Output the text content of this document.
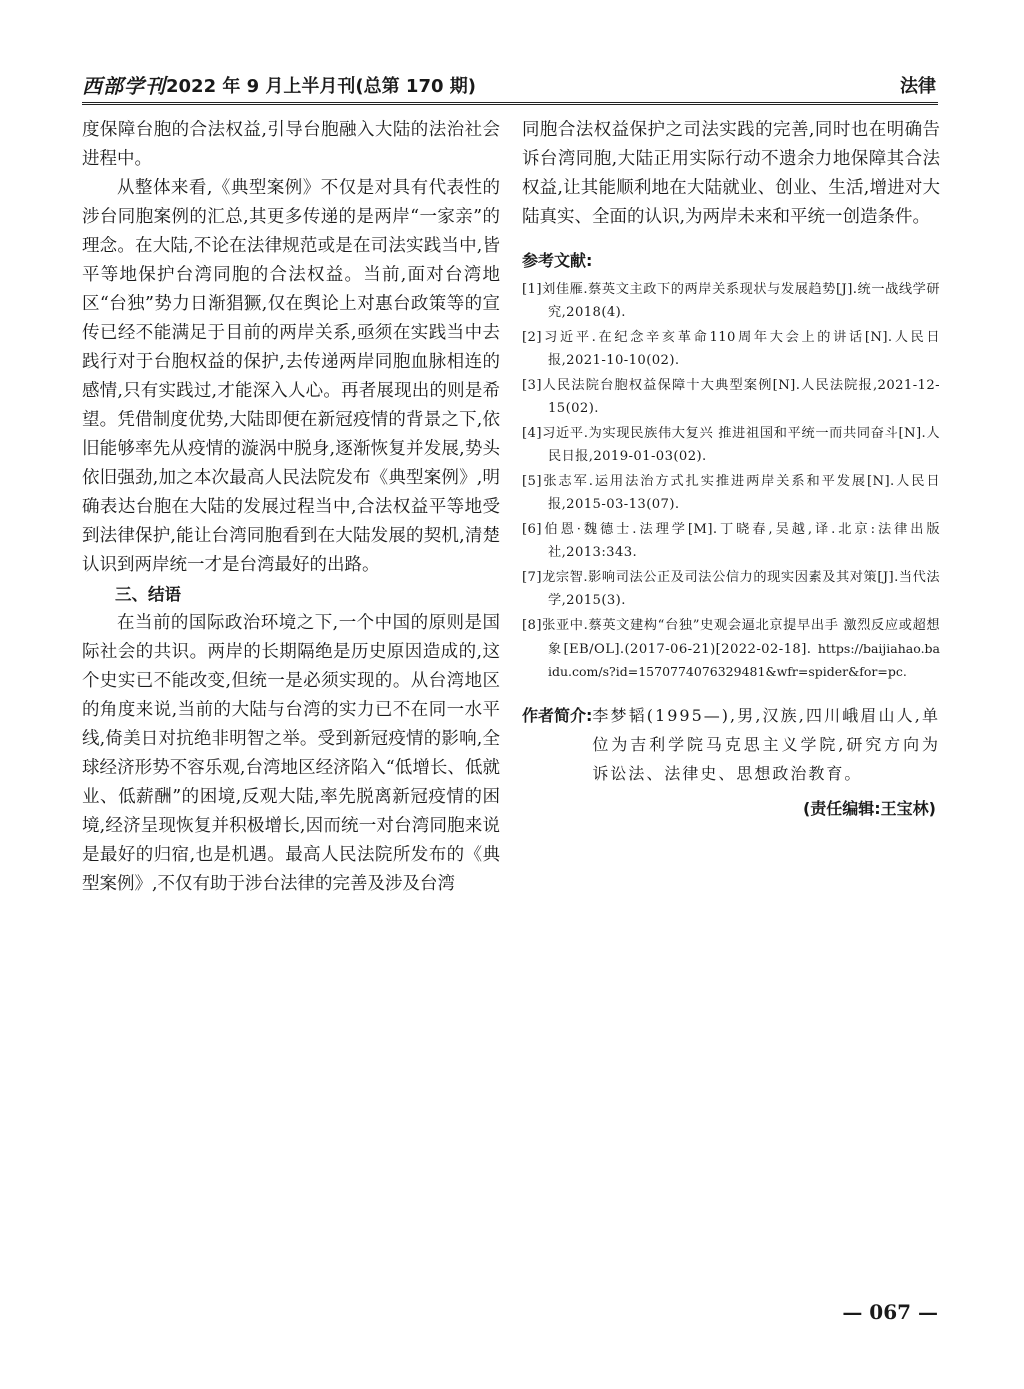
西部学刊 2022 年 9 月上半月刊(总第 170 期)	法律

度保障台胞的合法权益,引导台胞融入大陆的法治社会进程中。

从整体来看,《典型案例》不仅是对具有代表性的涉台同胞案例的汇总,其更多传递的是两岸“一家亲”的理念。在大陆,不论在法律规范或是在司法实践当中,皆平等地保护台湾同胞的合法权益。当前,面对台湾地区“台独”势力日渐猖獗,仅在舆论上对惠台政策等的宣传已经不能满足于目前的两岸关系,亟须在实践当中去践行对于台胞权益的保护,去传递两岸同胞血脉相连的感情,只有实践过,才能深入人心。再者展现出的则是希望。凭借制度优势,大陆即便在新冠疫情的背景之下,依旧能够率先从疫情的漩涡中脱身,逐渐恢复并发展,势头依旧强劲,加之本次最高人民法院发布《典型案例》,明确表达台胞在大陆的发展过程当中,合法权益平等地受到法律保护,能让台湾同胞看到在大陆发展的契机,清楚认识到两岸统一才是台湾最好的出路。

三、结语

在当前的国际政治环境之下,一个中国的原则是国际社会的共识。两岸的长期隔绝是历史原因造成的,这个史实已不能改变,但统一是必须实现的。从台湾地区的角度来说,当前的大陆与台湾的实力已不在同一水平线,倚美日对抗绝非明智之举。受到新冠疫情的影响,全球经济形势不容乐观,台湾地区经济陷入“低增长、低就业、低薪酬”的困境,反观大陆,率先脱离新冠疫情的困境,经济呈现恢复并积极增长,因而统一对台湾同胞来说是最好的归宿,也是机遇。最高人民法院所发布的《典型案例》,不仅有助于涉台法律的完善及涉及台湾

同胞合法权益保护之司法实践的完善,同时也在明确告诉台湾同胞,大陆正用实际行动不遗余力地保障其合法权益,让其能顺利地在大陆就业、创业、生活,增进对大陆真实、全面的认识,为两岸未来和平统一创造条件。

参考文献:
[1]刘佳雁.蔡英文主政下的两岸关系现状与发展趋势[J].统一战线学研究,2018(4).
[2]习近平.在纪念辛亥革命110周年大会上的讲话[N].人民日报,2021-10-10(02).
[3]人民法院台胞权益保障十大典型案例[N].人民法院报,2021-12-15(02).
[4]习近平.为实现民族伟大复兴 推进祖国和平统一而共同奋斗[N].人民日报,2019-01-03(02).
[5]张志军.运用法治方式扎实推进两岸关系和平发展[N].人民日报,2015-03-13(07).
[6]伯恩·魏德士.法理学[M].丁晓春,吴越,译.北京:法律出版社,2013:343.
[7]龙宗智.影响司法公正及司法公信力的现实因素及其对策[J].当代法学,2015(3).
[8]张亚中.蔡英文建构“台独”史观会逼北京提早出手 激烈反应或超想象[EB/OL].(2017-06-21)[2022-02-18]. https://baijiahao.baidu.com/s?id=1570774076329481&wfr=spider&for=pc.
作者简介: 李梦韬(1995—),男,汉族,四川峨眉山人,单位为吉利学院马克思主义学院,研究方向为诉讼法、法律史、思想政治教育。
(责任编辑:王宝林)
— 067 —
